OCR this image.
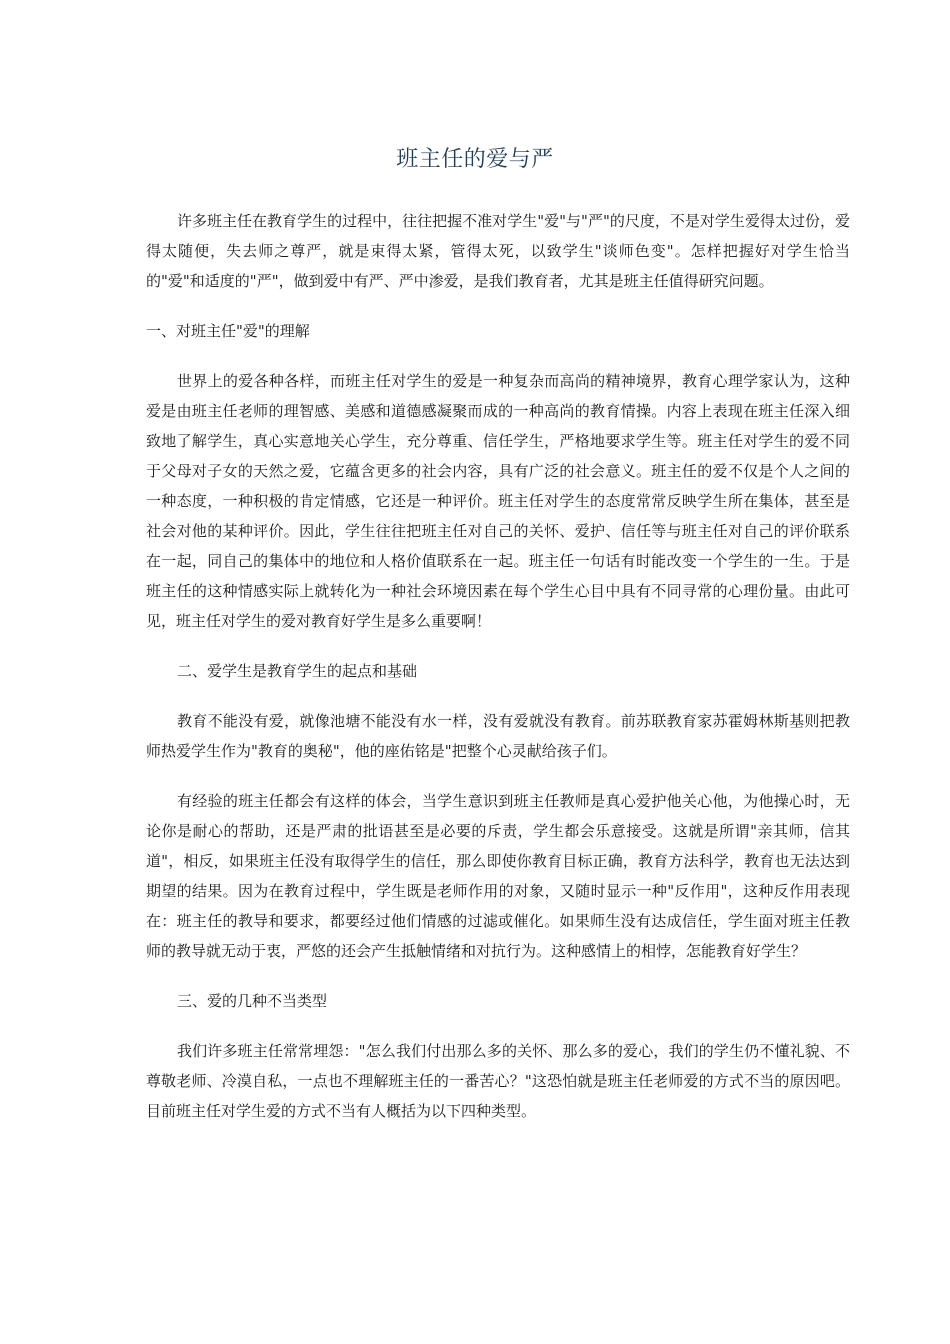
班主任的爱与严

许多班主任在教育学生的过程中，往往把握不准对学生"爱"与"严"的尺度，不是对学生爱得太过份，爱得太随便，失去师之尊严，就是束得太紧，管得太死，以致学生"谈师色变"。怎样把握好对学生恰当的"爱"和适度的"严"，做到爱中有严、严中渗爱，是我们教育者，尤其是班主任值得研究问题。

一、对班主任"爱"的理解

世界上的爱各种各样，而班主任对学生的爱是一种复杂而高尚的精神境界，教育心理学家认为，这种爱是由班主任老师的理智感、美感和道德感凝聚而成的一种高尚的教育情操。内容上表现在班主任深入细致地了解学生，真心实意地关心学生，充分尊重、信任学生，严格地要求学生等。班主任对学生的爱不同于父母对子女的天然之爱，它蕴含更多的社会内容，具有广泛的社会意义。班主任的爱不仅是个人之间的一种态度，一种积极的肯定情感，它还是一种评价。班主任对学生的态度常常反映学生所在集体，甚至是社会对他的某种评价。因此，学生往往把班主任对自己的关怀、爱护、信任等与班主任对自己的评价联系在一起，同自己的集体中的地位和人格价值联系在一起。班主任一句话有时能改变一个学生的一生。于是班主任的这种情感实际上就转化为一种社会环境因素在每个学生心目中具有不同寻常的心理份量。由此可见，班主任对学生的爱对教育好学生是多么重要啊！

二、爱学生是教育学生的起点和基础

教育不能没有爱，就像池塘不能没有水一样，没有爱就没有教育。前苏联教育家苏霍姆林斯基则把教师热爱学生作为"教育的奥秘"，他的座佑铭是"把整个心灵献给孩子们。

有经验的班主任都会有这样的体会，当学生意识到班主任教师是真心爱护他关心他，为他操心时，无论你是耐心的帮助，还是严肃的批语甚至是必要的斥责，学生都会乐意接受。这就是所谓"亲其师，信其道"，相反，如果班主任没有取得学生的信任，那么即使你教育目标正确，教育方法科学，教育也无法达到期望的结果。因为在教育过程中，学生既是老师作用的对象，又随时显示一种"反作用"，这种反作用表现在：班主任的教导和要求，都要经过他们情感的过滤或催化。如果师生没有达成信任，学生面对班主任教师的教导就无动于衷，严悠的还会产生抵触情绪和对抗行为。这种感情上的相悖，怎能教育好学生？

三、爱的几种不当类型

我们许多班主任常常埋怨："怎么我们付出那么多的关怀、那么多的爱心，我们的学生仍不懂礼貌、不尊敬老师、冷漠自私，一点也不理解班主任的一番苦心？"这恐怕就是班主任老师爱的方式不当的原因吧。目前班主任对学生爱的方式不当有人概括为以下四种类型。
